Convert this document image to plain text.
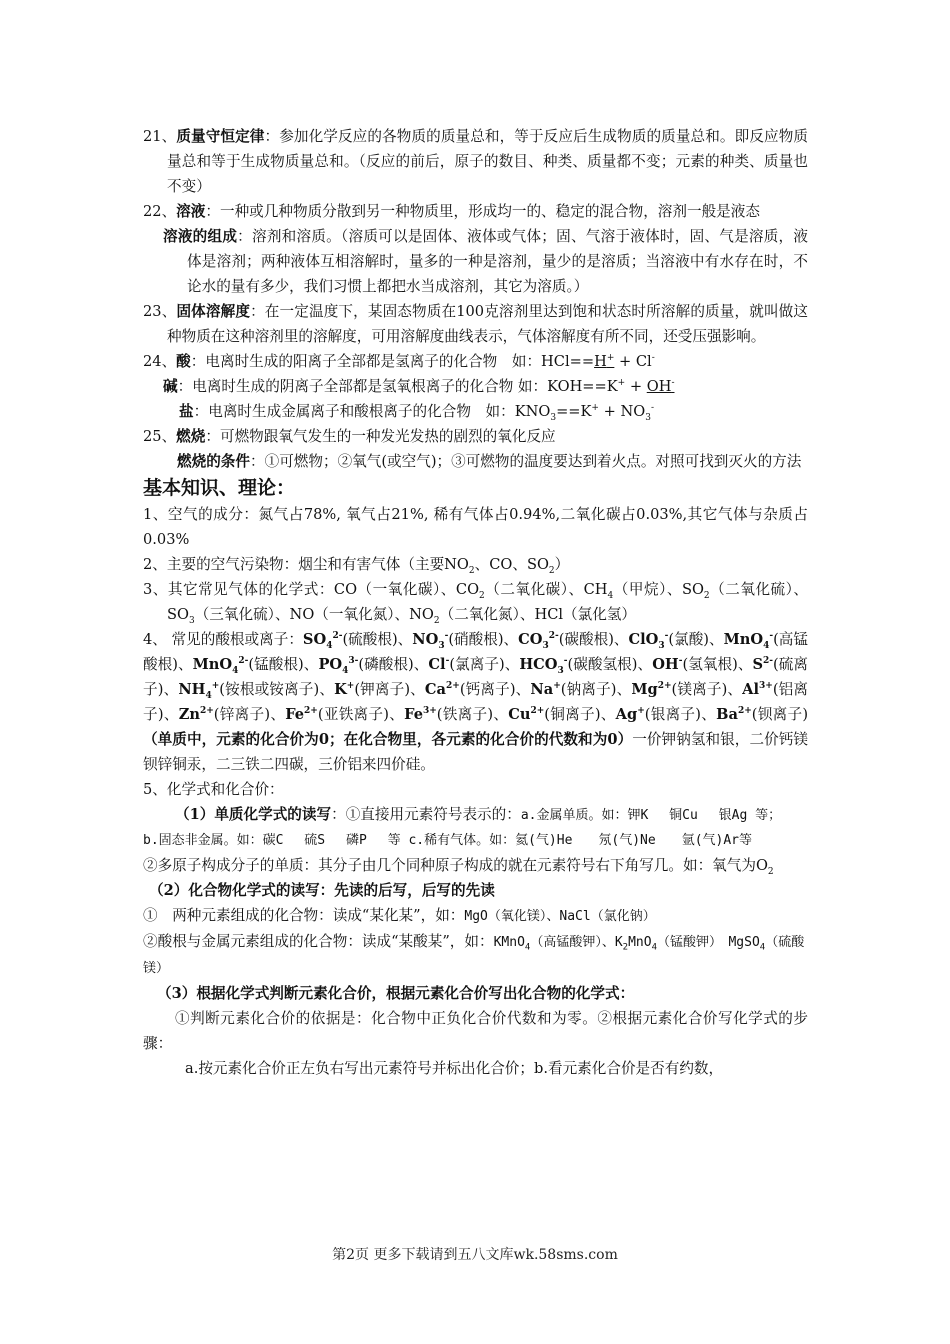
21、质量守恒定律：参加化学反应的各物质的质量总和，等于反应后生成物质的质量总和。即反应物质量总和等于生成物质量总和。（反应的前后，原子的数目、种类、质量都不变；元素的种类、质量也不变）

22、溶液：一种或几种物质分散到另一种物质里，形成均一的、稳定的混合物，溶剂一般是液态

溶液的组成：溶剂和溶质。（溶质可以是固体、液体或气体；固、气溶于液体时，固、气是溶质，液体是溶剂；两种液体互相溶解时，量多的一种是溶剂，量少的是溶质；当溶液中有水存在时，不论水的量有多少，我们习惯上都把水当成溶剂，其它为溶质。）

23、固体溶解度：在一定温度下，某固态物质在100克溶剂里达到饱和状态时所溶解的质量，就叫做这种物质在这种溶剂里的溶解度，可用溶解度曲线表示，气体溶解度有所不同，还受压强影响。

24、酸：电离时生成的阳离子全部都是氢离子的化合物　如：HCl==H+ + Cl-

碱：电离时生成的阴离子全部都是氢氧根离子的化合物 如：KOH==K+ + OH-

盐：电离时生成金属离子和酸根离子的化合物　如：$KNO_3==K^+ + NO_3^-$

25、燃烧：可燃物跟氧气发生的一种发光发热的剧烈的氧化反应

燃烧的条件：①可燃物；②氧气(或空气)；③可燃物的温度要达到着火点。对照可找到灭火的方法

基本知识、理论：

1、空气的成分：氮气占78%, 氧气占21%, 稀有气体占0.94%,二氧化碳占0.03%,其它气体与杂质占0.03%

2、主要的空气污染物：烟尘和有害气体（主要$NO_2$、CO、$SO_2$）

3、其它常见气体的化学式：CO（一氧化碳）、$CO_2$（二氧化碳）、$CH_4$（甲烷）、$SO_2$（二氧化硫）、$SO_3$（三氧化硫）、NO（一氧化氮）、$NO_2$（二氧化氮）、HCl（氯化氢）

4、 常见的酸根或离子：$SO_4^{2-}$(硫酸根)、$NO_3^-$(硝酸根)、$CO_3^{2-}$(碳酸根)、ClO$_3$-(氯酸)、MnO$_4$-(高锰酸根)、MnO$_4^{2-}$(锰酸根)、$PO_4^{3-}$(磷酸根)、Cl-(氯离子)、$HCO_3^-$(碳酸氢根)、OH-(氢氧根)、$S^{2-}$(硫离子)、$NH_4^+$(铵根或铵离子)、K+(钾离子)、$Ca^{2+}$(钙离子)、Na+(钠离子)、$Mg^{2+}$(镁离子)、$Al^{3+}$(铝离子)、$Zn^{2+}$(锌离子)、$Fe^{2+}$(亚铁离子)、$Fe^{3+}$(铁离子)、$Cu^{2+}$(铜离子)、Ag+(银离子)、$Ba^{2+}$(钡离子) （单质中，元素的化合价为0；在化合物里，各元素的化合价的代数和为0）一价钾钠氢和银，二价钙镁钡锌铜汞，二三铁二四碳，三价铝来四价硅。

5、化学式和化合价：

（1）单质化学式的读写：①直接用元素符号表示的：a.金属单质。如：钾K　 铜Cu　 银Ag 等；

b.固态非金属。如：碳C　 硫S　 磷P　 等 c.稀有气体。如：氦(气)He　　氖(气)Ne　　氩(气)Ar等

②多原子构成分子的单质：其分子由几个同种原子构成的就在元素符号右下角写几。如：氧气为$O_2$

（2）化合物化学式的读写：先读的后写，后写的先读

①　两种元素组成的化合物：读成“某化某”，如：MgO（氧化镁）、NaCl（氯化钠）

②酸根与金属元素组成的化合物：读成“某酸某”，如：KMnO$_4$（高锰酸钾）、$K_2MnO_4$（锰酸钾）　MgSO$_4$（硫酸镁）

（3）根据化学式判断元素化合价，根据元素化合价写出化合物的化学式：

①判断元素化合价的依据是：化合物中正负化合价代数和为零。②根据元素化合价写化学式的步骤：

a.按元素化合价正左负右写出元素符号并标出化合价；b.看元素化合价是否有约数，

第2页 更多下载请到五八文库wk.58sms.com
